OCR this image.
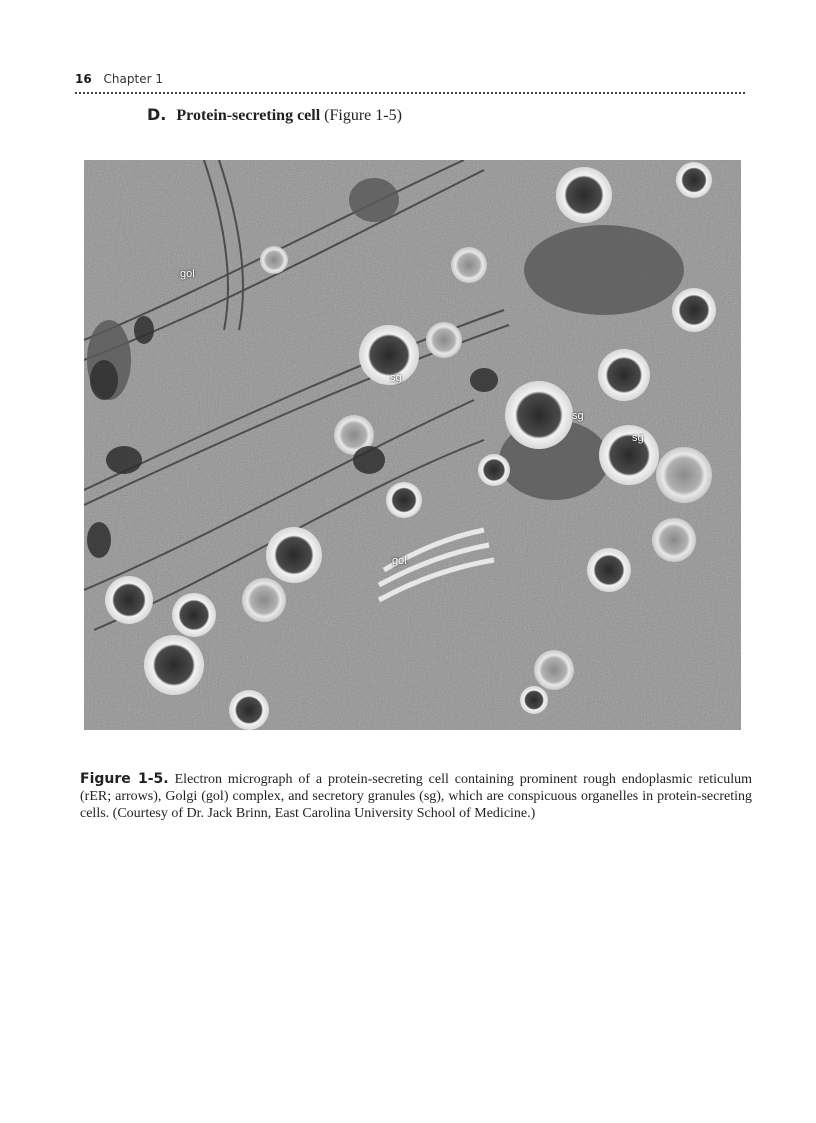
16 Chapter 1
D. Protein-secreting cell (Figure 1-5)
gol
gol
sg
sg
sg
Figure 1-5. Electron micrograph of a protein-secreting cell containing prominent rough endoplasmic reticulum (rER; arrows), Golgi (gol) complex, and secretory granules (sg), which are conspicuous organelles in protein-secreting cells. (Courtesy of Dr. Jack Brinn, East Carolina University School of Medicine.)
